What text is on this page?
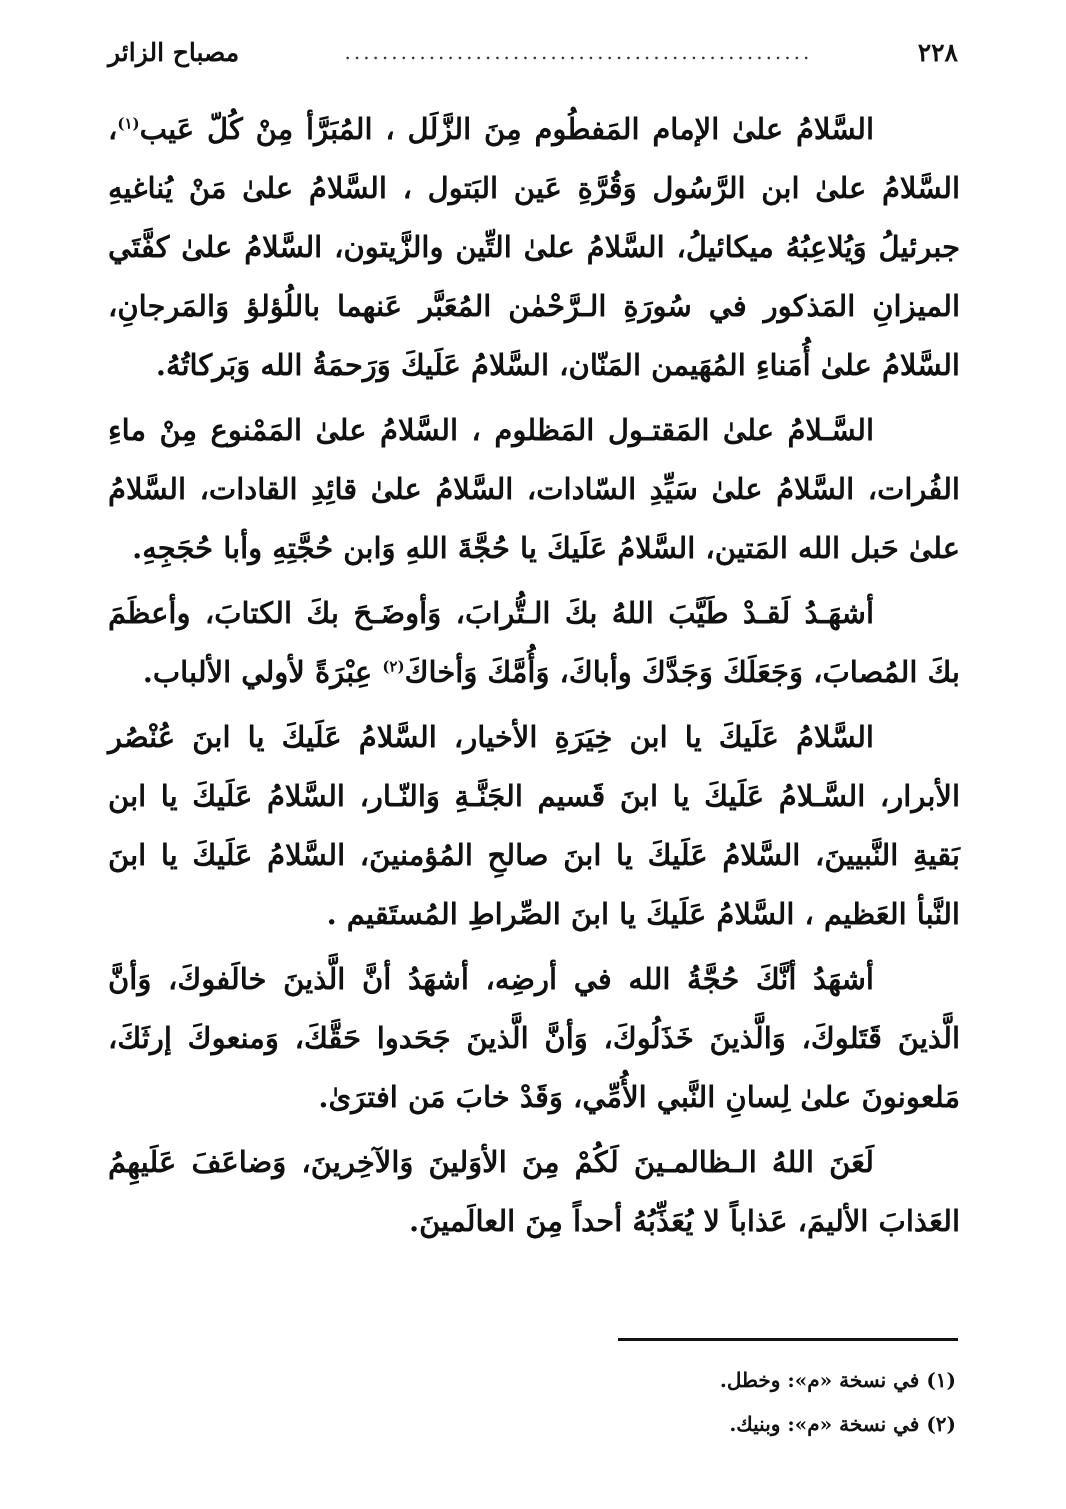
٢٢٨
..................................................
مصباح الزائر

السَّلامُ علىٰ الإمام المَفطُوم مِنَ الزَّلَل ، المُبَرَّأ مِنْ كُلّ عَيب$^{(١)}$، السَّلامُ علىٰ ابن الرَّسُول وَقُرَّةِ عَين البَتول ، السَّلامُ علىٰ مَنْ يُناغيهِ جبرئيلُ وَيُلاعِبُهُ ميكائيلُ، السَّلامُ علىٰ التِّين والزَّيتون، السَّلامُ علىٰ كفَّتَي الميزانِ المَذكور في سُورَةِ الـرَّحْمٰن المُعَبَّر عَنهما باللُؤلؤ وَالمَرجانِ، السَّلامُ علىٰ أُمَناءِ المُهَيمن المَنّان، السَّلامُ عَلَيكَ وَرَحمَةُ الله وَبَركاتُهُ.

السَّـلامُ علىٰ المَقتـول المَظلوم ، السَّلامُ علىٰ المَمْنوع مِنْ ماءِ الفُرات، السَّلامُ علىٰ سَيِّدِ السّادات، السَّلامُ علىٰ قائِدِ القادات، السَّلامُ علىٰ حَبل الله المَتين، السَّلامُ عَلَيكَ يا حُجَّةَ اللهِ وَابن حُجَّتِهِ وأبا حُجَجِهِ.

أشهَـدُ لَقـدْ طَيَّبَ اللهُ بكَ الـتُّرابَ، وَأوضَـحَ بكَ الكتابَ، وأعظَمَ بكَ المُصابَ، وَجَعَلَكَ وَجَدَّكَ وأباكَ، وَأُمَّكَ وَأخاكَ$^{(٢)}$ عِبْرَةً لأولي الألباب.

السَّلامُ عَلَيكَ يا ابن خِيَرَةِ الأخيار، السَّلامُ عَلَيكَ يا ابنَ عُنْصُر الأبرار، السَّـلامُ عَلَيكَ يا ابنَ قَسيم الجَنَّـةِ وَالنّـار، السَّلامُ عَلَيكَ يا ابن بَقيةِ النَّبيينَ، السَّلامُ عَلَيكَ يا ابنَ صالحِ المُؤمنينَ، السَّلامُ عَلَيكَ يا ابنَ النَّبأ العَظيم ، السَّلامُ عَلَيكَ يا ابنَ الصِّراطِ المُستَقيم .

أشهَدُ أنَّكَ حُجَّةُ الله في أرضِه، أشهَدُ أنَّ الَّذينَ خالَفوكَ، وَأنَّ الَّذينَ قَتَلوكَ، وَالَّذينَ خَذَلُوكَ، وَأنَّ الَّذينَ جَحَدوا حَقَّكَ، وَمنعوكَ إرثَكَ، مَلعونونَ علىٰ لِسانِ النَّبي الأُمِّي، وَقَدْ خابَ مَن افترَىٰ.

لَعَنَ اللهُ الـظالمـينَ لَكُمْ مِنَ الأوَلينَ وَالآخِرينَ، وَضاعَفَ عَلَيهِمُ العَذابَ الأليمَ، عَذاباً لا يُعَذِّبُهُ أحداً مِنَ العالَمينَ.

(١) في نسخة «م»: وخطل.
(٢) في نسخة «م»: وبنيك.
